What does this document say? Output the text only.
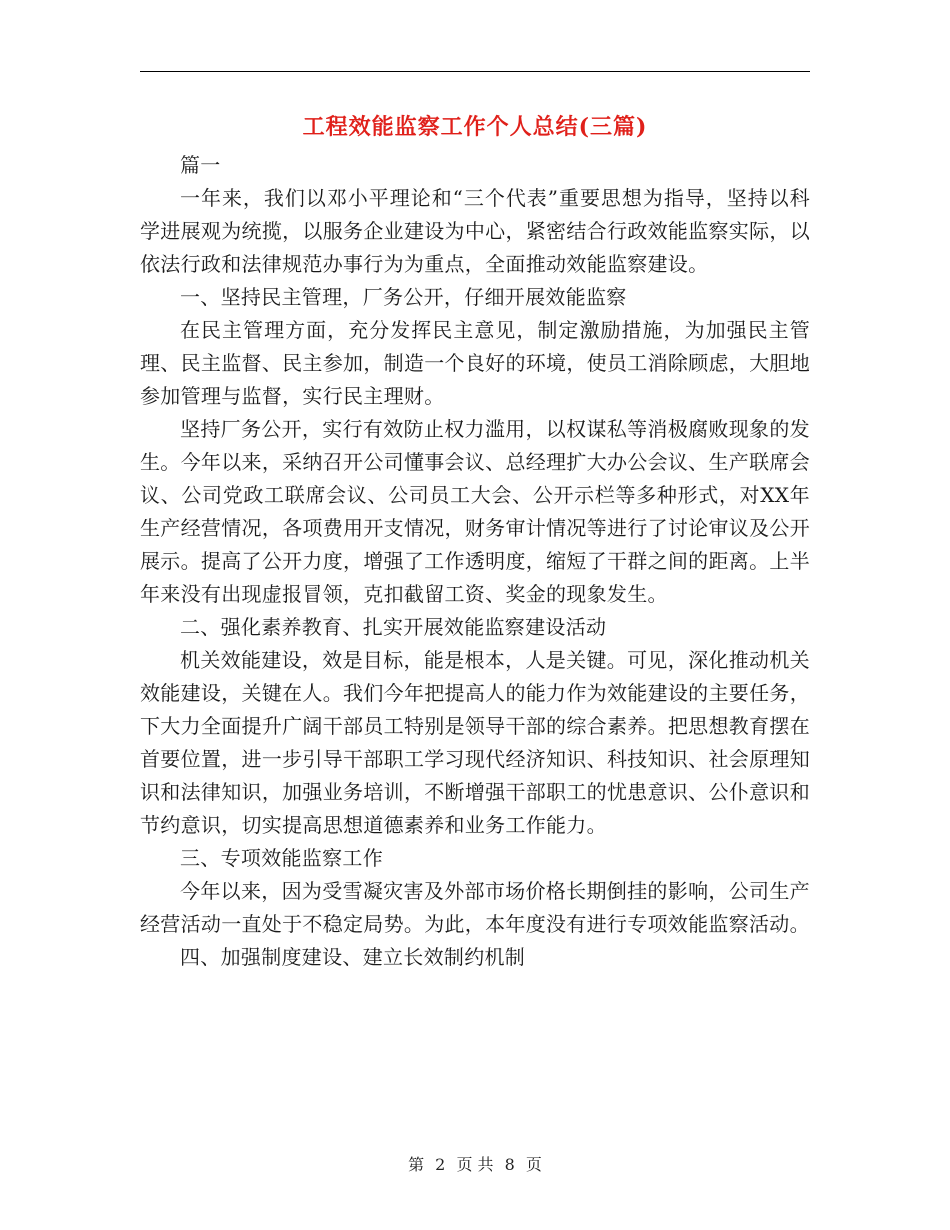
工程效能监察工作个人总结(三篇)

篇一

一年来，我们以邓小平理论和“三个代表”重要思想为指导，坚持以科学进展观为统揽，以服务企业建设为中心，紧密结合行政效能监察实际，以依法行政和法律规范办事行为为重点，全面推动效能监察建设。

一、坚持民主管理，厂务公开，仔细开展效能监察

在民主管理方面，充分发挥民主意见，制定激励措施，为加强民主管理、民主监督、民主参加，制造一个良好的环境，使员工消除顾虑，大胆地参加管理与监督，实行民主理财。

坚持厂务公开，实行有效防止权力滥用，以权谋私等消极腐败现象的发生。今年以来，采纳召开公司懂事会议、总经理扩大办公会议、生产联席会议、公司党政工联席会议、公司员工大会、公开示栏等多种形式，对XX年生产经营情况，各项费用开支情况，财务审计情况等进行了讨论审议及公开展示。提高了公开力度，增强了工作透明度，缩短了干群之间的距离。上半年来没有出现虚报冒领，克扣截留工资、奖金的现象发生。

二、强化素养教育、扎实开展效能监察建设活动

机关效能建设，效是目标，能是根本，人是关键。可见，深化推动机关效能建设，关键在人。我们今年把提高人的能力作为效能建设的主要任务，下大力全面提升广阔干部员工特别是领导干部的综合素养。把思想教育摆在首要位置，进一步引导干部职工学习现代经济知识、科技知识、社会原理知识和法律知识，加强业务培训，不断增强干部职工的忧患意识、公仆意识和节约意识，切实提高思想道德素养和业务工作能力。

三、专项效能监察工作

今年以来，因为受雪凝灾害及外部市场价格长期倒挂的影响，公司生产经营活动一直处于不稳定局势。为此，本年度没有进行专项效能监察活动。

四、加强制度建设、建立长效制约机制

第 2 页 共 8 页
